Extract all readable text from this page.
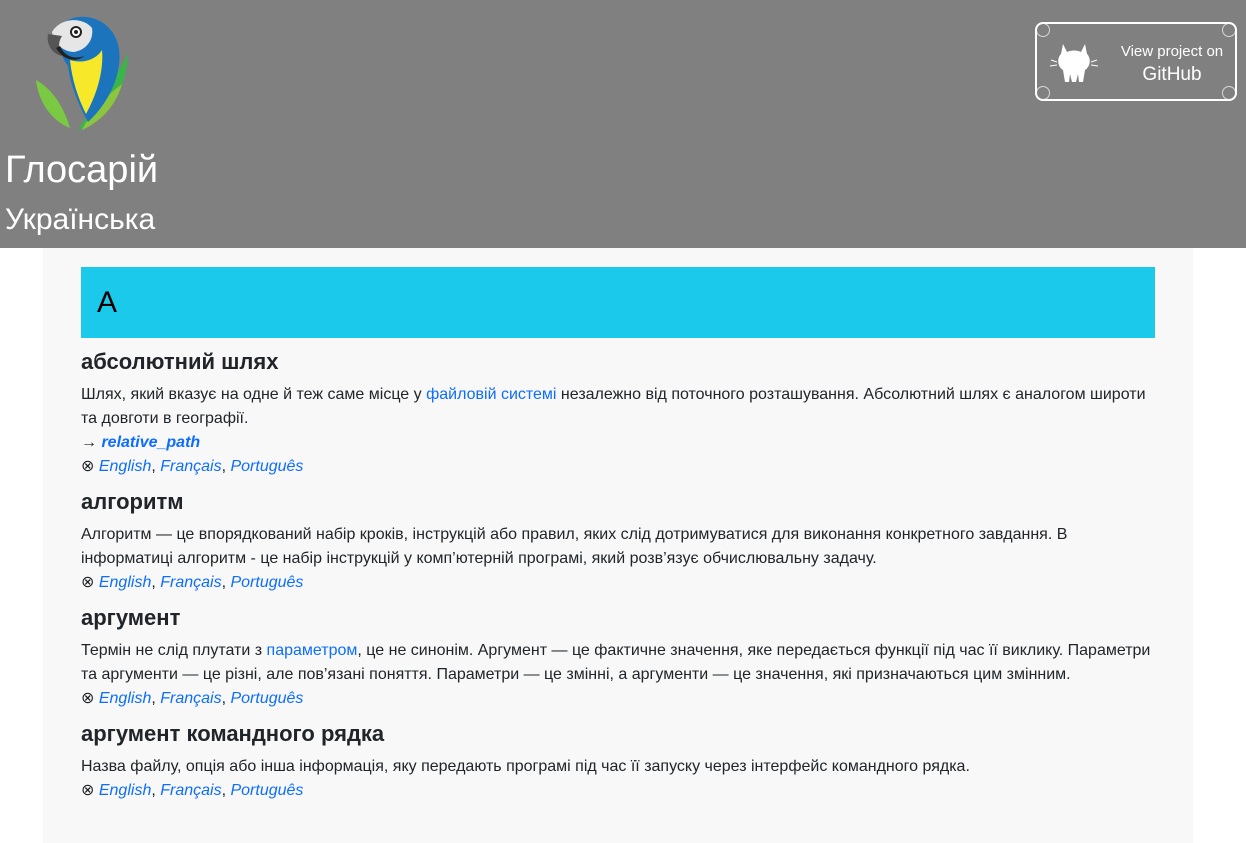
Глосарій
Українська
View project on
GitHub
A
абсолютний шлях

Шлях, який вказує на одне й теж саме місце у файловій системі незалежно від поточного розташування. Абсолютний шлях є аналогом широти та довготи в географії.

→ relative_path
⊗ English, Français, Português
алгоритм

Алгоритм — це впорядкований набір кроків, інструкцій або правил, яких слід дотримуватися для виконання конкретного завдання. В інформатиці алгоритм - це набір інструкцій у комп’ютерній програмі, який розв’язує обчислювальну задачу.

⊗ English, Français, Português
аргумент

Термін не слід плутати з параметром, це не синонім. Аргумент — це фактичне значення, яке передається функції під час її виклику. Параметри та аргументи — це різні, але пов’язані поняття. Параметри — це змінні, а аргументи — це значення, які призначаються цим змінним.

⊗ English, Français, Português
аргумент командного рядка

Назва файлу, опція або інша інформація, яку передають програмі під час її запуску через інтерфейс командного рядка.

⊗ English, Français, Português
